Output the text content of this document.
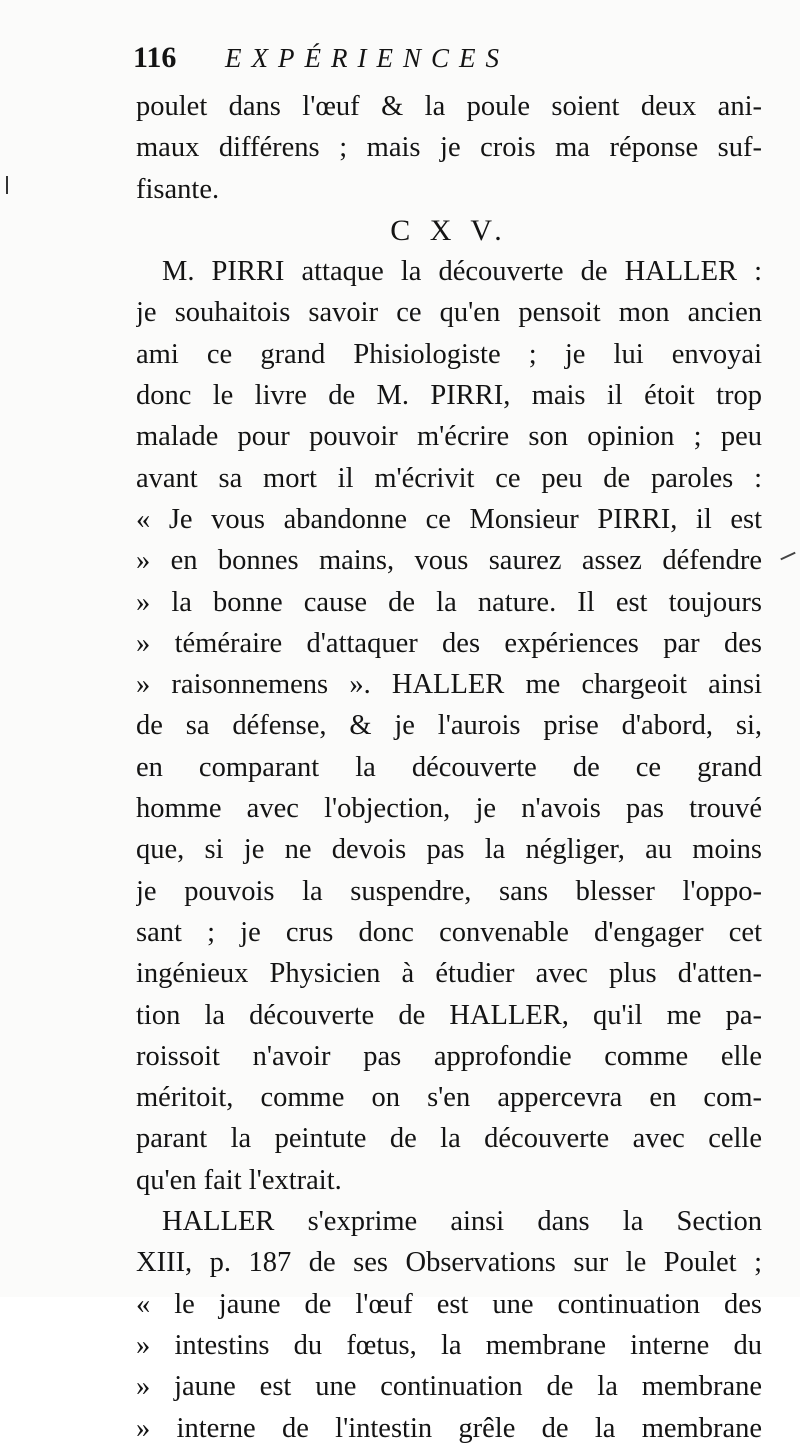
116 EXPÉRIENCES
poulet dans l'œuf & la poule soient deux ani-
maux différens ; mais je crois ma réponse suf-
fisante.
C X V.
M. PIRRI attaque la découverte de HALLER :
je souhaitois savoir ce qu'en pensoit mon ancien
ami ce grand Phisiologiste ; je lui envoyai
donc le livre de M. PIRRI, mais il étoit trop
malade pour pouvoir m'écrire son opinion ; peu
avant sa mort il m'écrivit ce peu de paroles :
« Je vous abandonne ce Monsieur PIRRI, il est
» en bonnes mains, vous saurez assez défendre
» la bonne cause de la nature. Il est toujours
» téméraire d'attaquer des expériences par des
» raisonnemens ». HALLER me chargeoit ainsi
de sa défense, & je l'aurois prise d'abord, si,
en comparant la découverte de ce grand
homme avec l'objection, je n'avois pas trouvé
que, si je ne devois pas la négliger, au moins
je pouvois la suspendre, sans blesser l'oppo-
sant ; je crus donc convenable d'engager cet
ingénieux Physicien à étudier avec plus d'atten-
tion la découverte de HALLER, qu'il me pa-
roissoit n'avoir pas approfondie comme elle
méritoit, comme on s'en appercevra en com-
parant la peintute de la découverte avec celle
qu'en fait l'extrait.
HALLER s'exprime ainsi dans la Section
XIII, p. 187 de ses Observations sur le Poulet ;
« le jaune de l'œuf est une continuation des
» intestins du fœtus, la membrane interne du
» jaune est une continuation de la membrane
» interne de l'intestin grêle de la membrane
